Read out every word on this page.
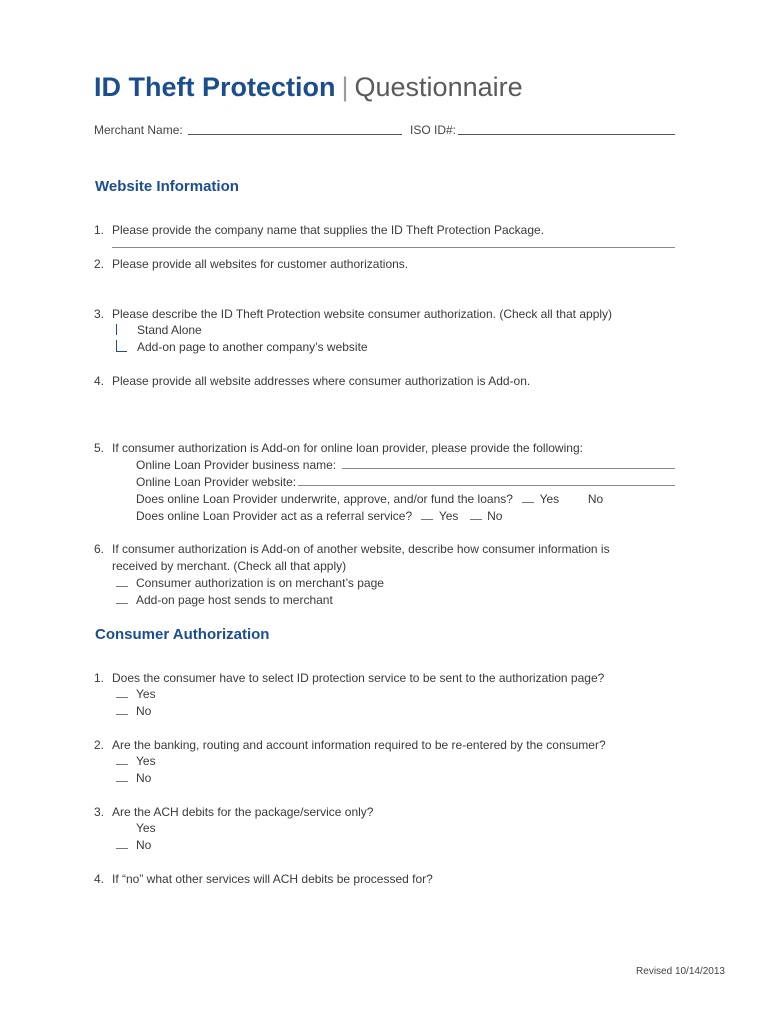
ID Theft Protection | Questionnaire
Merchant Name:	ISO ID#:
Website Information
1. Please provide the company name that supplies the ID Theft Protection Package.
2. Please provide all websites for customer authorizations.
3. Please describe the ID Theft Protection website consumer authorization. (Check all that apply)
Stand Alone
Add-on page to another company’s website
4. Please provide all website addresses where consumer authorization is Add-on.
5. If consumer authorization is Add-on for online loan provider, please provide the following:
Online Loan Provider business name:
Online Loan Provider website:
Does online Loan Provider underwrite, approve, and/or fund the loans? Yes No
Does online Loan Provider act as a referral service? Yes No
6. If consumer authorization is Add-on of another website, describe how consumer information is
received by merchant. (Check all that apply)
Consumer authorization is on merchant’s page
Add-on page host sends to merchant
Consumer Authorization
1. Does the consumer have to select ID protection service to be sent to the authorization page?
Yes
No
2. Are the banking, routing and account information required to be re-entered by the consumer?
Yes
No
3. Are the ACH debits for the package/service only?
Yes
No
4. If “no” what other services will ACH debits be processed for?
Revised 10/14/2013
